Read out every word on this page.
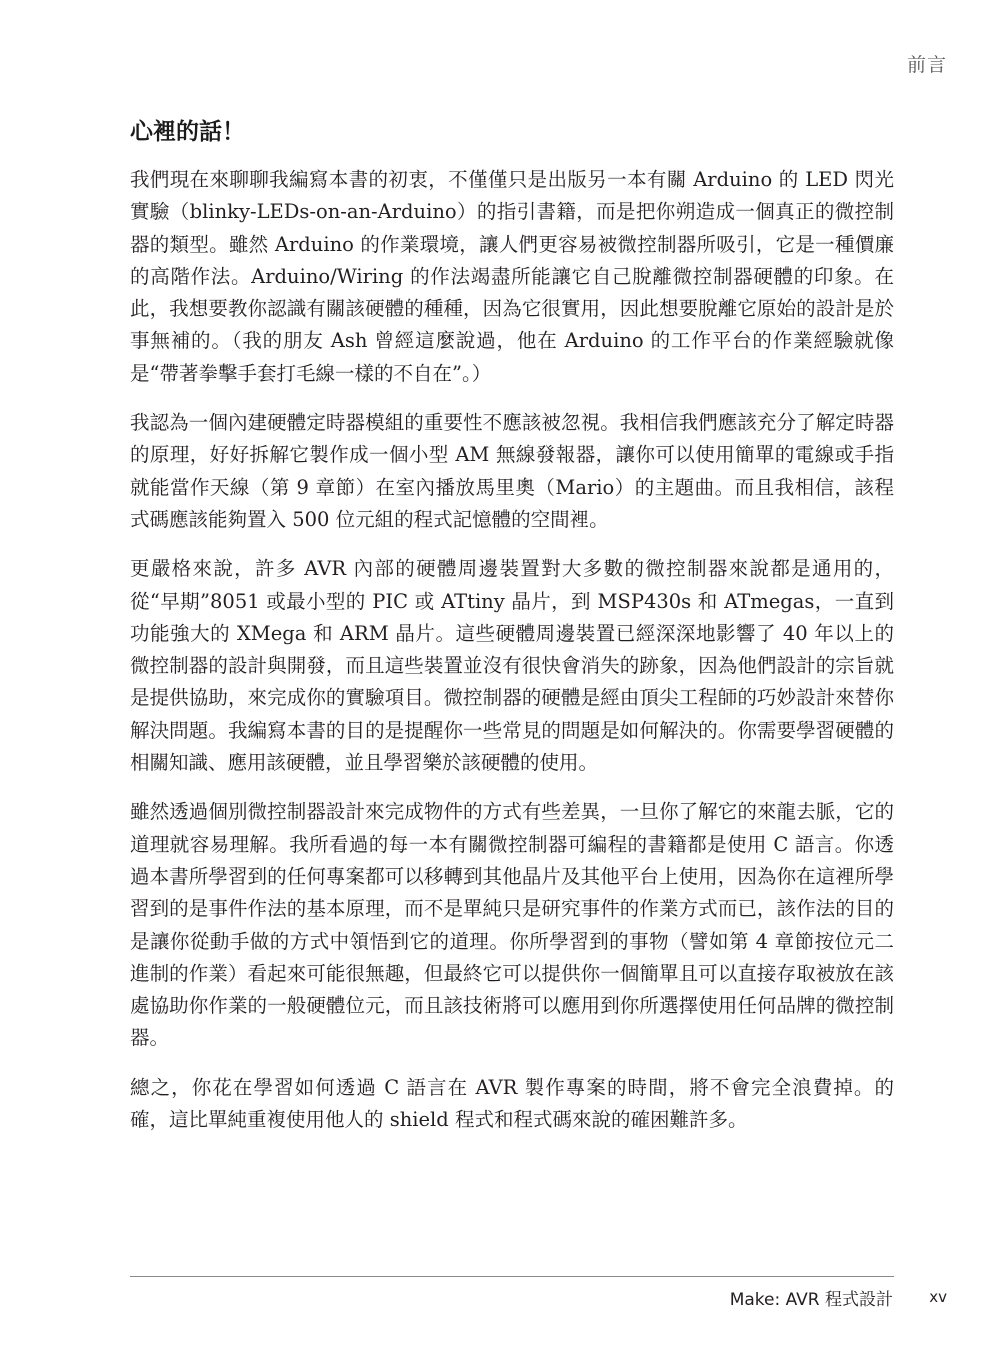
前言
心裡的話！

我們現在來聊聊我編寫本書的初衷，不僅僅只是出版另一本有關 Arduino 的 LED 閃光實驗（blinky-LEDs-on-an-Arduino）的指引書籍，而是把你朔造成一個真正的微控制器的類型。雖然 Arduino 的作業環境，讓人們更容易被微控制器所吸引，它是一種價廉的高階作法。Arduino/Wiring 的作法竭盡所能讓它自己脫離微控制器硬體的印象。在此，我想要教你認識有關該硬體的種種，因為它很實用，因此想要脫離它原始的設計是於事無補的。（我的朋友 Ash 曾經這麼說過，他在 Arduino 的工作平台的作業經驗就像是“帶著拳擊手套打毛線一樣的不自在”。）

我認為一個內建硬體定時器模組的重要性不應該被忽視。我相信我們應該充分了解定時器的原理，好好拆解它製作成一個小型 AM 無線發報器，讓你可以使用簡單的電線或手指就能當作天線（第 9 章節）在室內播放馬里奧（Mario）的主題曲。而且我相信，該程式碼應該能夠置入 500 位元組的程式記憶體的空間裡。

更嚴格來說，許多 AVR 內部的硬體周邊裝置對大多數的微控制器來說都是通用的，從“早期”8051 或最小型的 PIC 或 ATtiny 晶片，到 MSP430s 和 ATmegas，一直到功能強大的 XMega 和 ARM 晶片。這些硬體周邊裝置已經深深地影響了 40 年以上的微控制器的設計與開發，而且這些裝置並沒有很快會消失的跡象，因為他們設計的宗旨就是提供協助，來完成你的實驗項目。微控制器的硬體是經由頂尖工程師的巧妙設計來替你解決問題。我編寫本書的目的是提醒你一些常見的問題是如何解決的。你需要學習硬體的相關知識、應用該硬體，並且學習樂於該硬體的使用。

雖然透過個別微控制器設計來完成物件的方式有些差異，一旦你了解它的來龍去脈，它的道理就容易理解。我所看過的每一本有關微控制器可編程的書籍都是使用 C 語言。你透過本書所學習到的任何專案都可以移轉到其他晶片及其他平台上使用，因為你在這裡所學習到的是事件作法的基本原理，而不是單純只是研究事件的作業方式而已，該作法的目的是讓你從動手做的方式中領悟到它的道理。你所學習到的事物（譬如第 4 章節按位元二進制的作業）看起來可能很無趣，但最終它可以提供你一個簡單且可以直接存取被放在該處協助你作業的一般硬體位元，而且該技術將可以應用到你所選擇使用任何品牌的微控制器。

總之，你花在學習如何透過 C 語言在 AVR 製作專案的時間，將不會完全浪費掉。的確，這比單純重複使用他人的 shield 程式和程式碼來說的確困難許多。

Make: AVR 程式設計 xv
